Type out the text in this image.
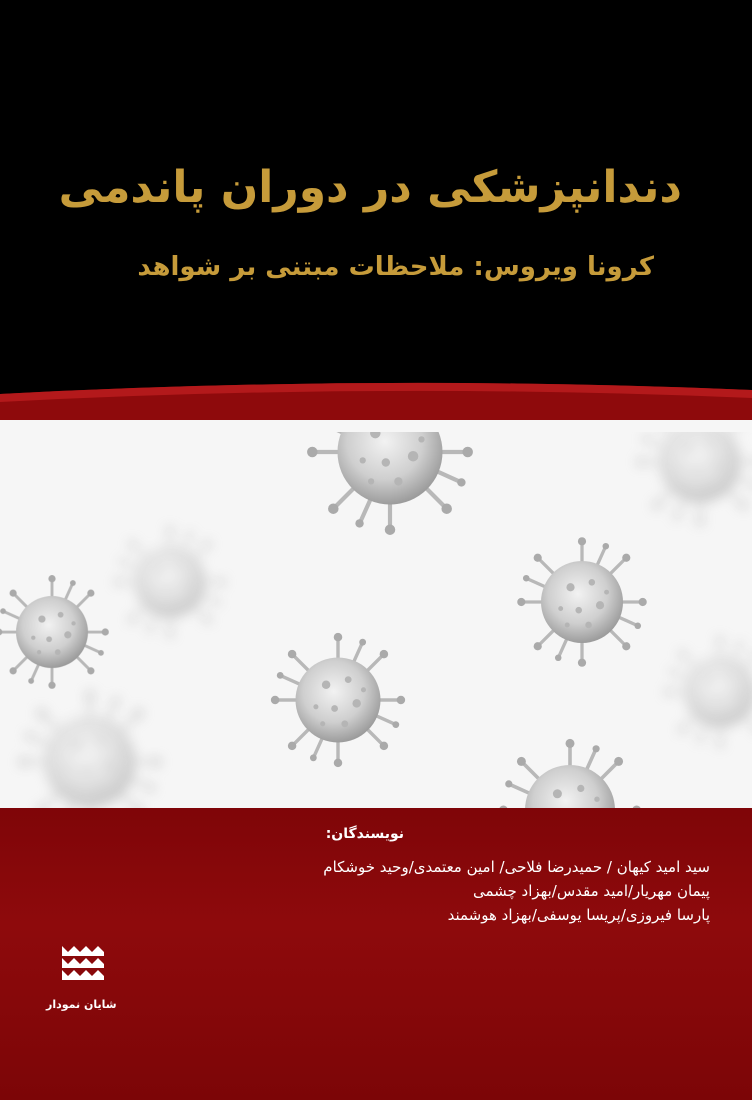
دندانپزشکی در دوران پاندمی
کرونا ویروس: ملاحظات مبتنی بر شواهد
نویسندگان:
سید امید کیهان / حمیدرضا فلاحی/ امین معتمدی/وحید خوشکام
پیمان مهریار/امید مقدس/بهزاد چشمی
پارسا فیروزی/پریسا یوسفی/بهزاد هوشمند
شایان نمودار
